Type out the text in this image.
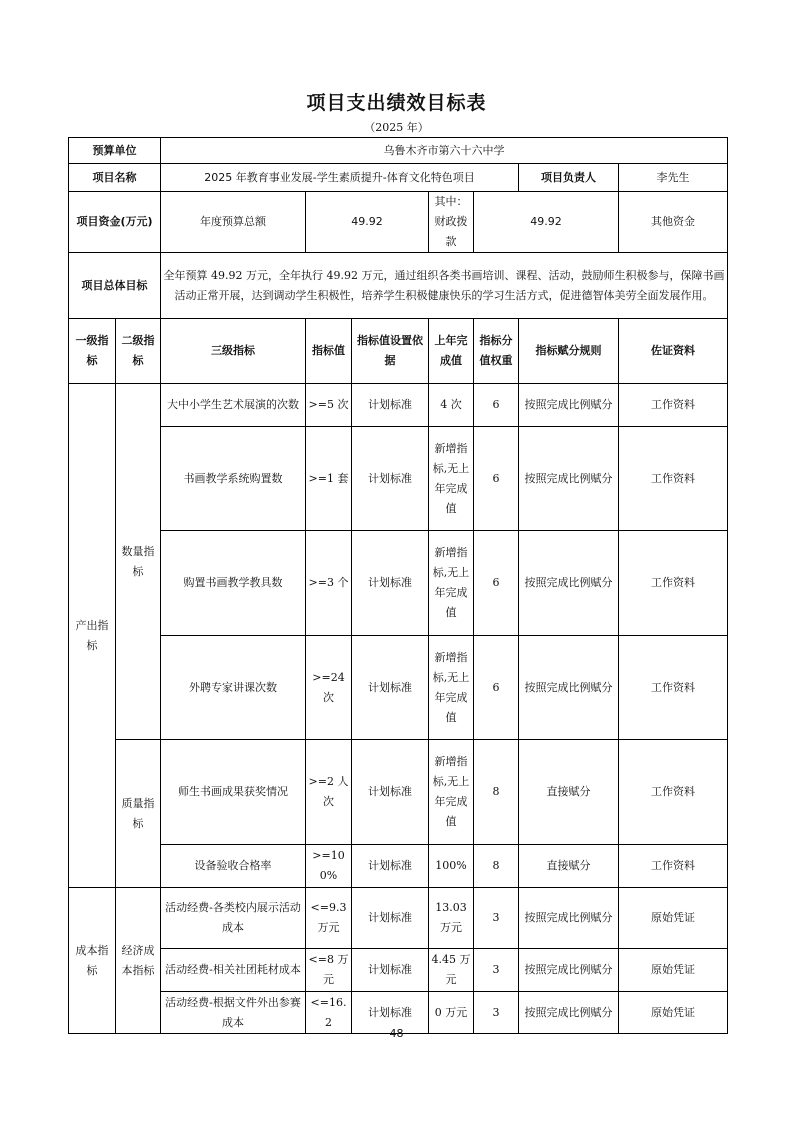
项目支出绩效目标表
（2025 年）
预算单位		乌鲁木齐市第六十六中学							
项目名称		2025 年教育事业发展-学生素质提升-体育文化特色项目					项目负责人	李先生	
项目资金(万元)		年度预算总额	49.92		其中：财政拨款	49.92		其他资金	
项目总体目标		全年预算 49.92 万元，全年执行 49.92 万元，通过组织各类书画培训、课程、活动，鼓励师生积极参与，保障书画活动正常开展，达到调动学生积极性，培养学生积极健康快乐的学习生活方式，促进德智体美劳全面发展作用。							
一级指标	二级指标	三级指标	指标值	指标值设置依据	上年完成值	指标分值权重	指标赋分规则	佐证资料	
产出指标	数量指标	大中小学生艺术展演的次数	>=5 次	计划标准	4 次	6	按照完成比例赋分	工作资料	
		书画教学系统购置数	>=1 套	计划标准	新增指标,无上年完成值	6	按照完成比例赋分	工作资料	
		购置书画教学教具数	>=3 个	计划标准	新增指标,无上年完成值	6	按照完成比例赋分	工作资料	
		外聘专家讲课次数	>=24 次	计划标准	新增指标,无上年完成值	6	按照完成比例赋分	工作资料	
	质量指标	师生书画成果获奖情况	>=2 人次	计划标准	新增指标,无上年完成值	8	直接赋分	工作资料	
		设备验收合格率	>=100%	计划标准	100%	8	直接赋分	工作资料	
成本指标	经济成本指标	活动经费-各类校内展示活动成本	<=9.3 万元	计划标准	13.03 万元	3	按照完成比例赋分	原始凭证	
		活动经费-相关社团耗材成本	<=8 万元	计划标准	4.45 万元	3	按照完成比例赋分	原始凭证	
		活动经费-根据文件外出参赛成本	<=16.2	计划标准	0 万元	3	按照完成比例赋分	原始凭证	
48
